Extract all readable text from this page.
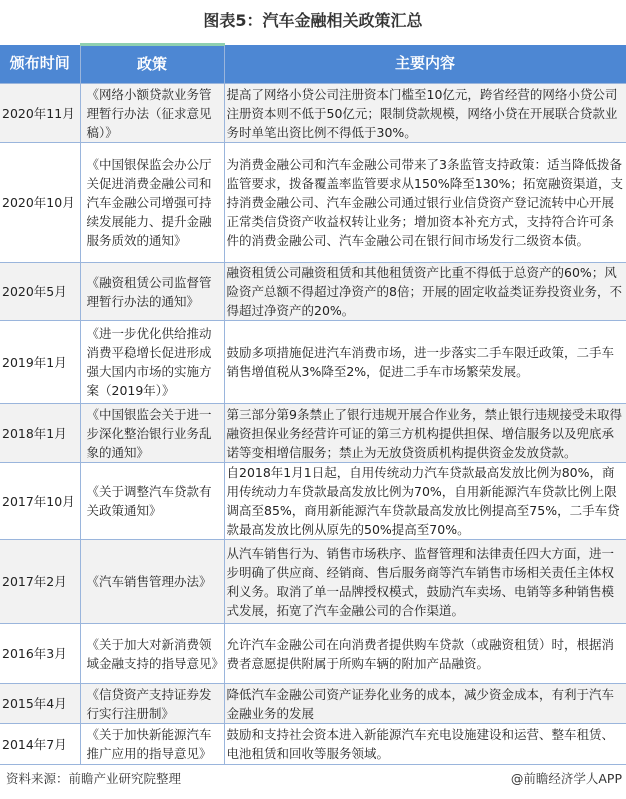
图表5：汽车金融相关政策汇总
颁布时间	政策	主要内容
2020年11月	《网络小额贷款业务管理暂行办法（征求意见稿）》	提高了网络小贷公司注册资本门槛至10亿元，跨省经营的网络小贷公司注册资本则不低于50亿元；限制贷款规模，网络小贷在开展联合贷款业务时单笔出资比例不得低于30%。
2020年10月	《中国银保监会办公厅关促进消费金融公司和汽车金融公司增强可持续发展能力、提升金融服务质效的通知》	为消费金融公司和汽车金融公司带来了3条监管支持政策：适当降低拨备监管要求，拨备覆盖率监管要求从150%降至130%；拓宽融资渠道，支持消费金融公司、汽车金融公司通过银行业信贷资产登记流转中心开展正常类信贷资产收益权转让业务；增加资本补充方式，支持符合许可条件的消费金融公司、汽车金融公司在银行间市场发行二级资本债。
2020年5月	《融资租赁公司监督管理暂行办法的通知》	融资租赁公司融资租赁和其他租赁资产比重不得低于总资产的60%；风险资产总额不得超过净资产的8倍；开展的固定收益类证券投资业务，不得超过净资产的20%。
2019年1月	《进一步优化供给推动消费平稳增长促进形成强大国内市场的实施方案（2019年）》	鼓励多项措施促进汽车消费市场，进一步落实二手车限迁政策，二手车销售增值税从3%降至2%，促进二手车市场繁荣发展。
2018年1月	《中国银监会关于进一步深化整治银行业务乱象的通知》	第三部分第9条禁止了银行违规开展合作业务，禁止银行违规接受未取得融资担保业务经营许可证的第三方机构提供担保、增信服务以及兜底承诺等变相增信服务；禁止为无放贷资质机构提供资金发放贷款。
2017年10月	《关于调整汽车贷款有关政策通知》	自2018年1月1日起，自用传统动力汽车贷款最高发放比例为80%，商用传统动力车贷款最高发放比例为70%，自用新能源汽车贷款比例上限调高至85%，商用新能源汽车贷款最高发放比例提高至75%，二手车贷款最高发放比例从原先的50%提高至70%。
2017年2月	《汽车销售管理办法》	从汽车销售行为、销售市场秩序、监督管理和法律责任四大方面，进一步明确了供应商、经销商、售后服务商等汽车销售市场相关责任主体权利义务。取消了单一品牌授权模式，鼓励汽车卖场、电销等多种销售模式发展，拓宽了汽车金融公司的合作渠道。
2016年3月	《关于加大对新消费领域金融支持的指导意见》	允许汽车金融公司在向消费者提供购车贷款（或融资租赁）时，根据消费者意愿提供附属于所购车辆的附加产品融资。
2015年4月	《信贷资产支持证券发行实行注册制》	降低汽车金融公司资产证券化业务的成本，减少资金成本，有利于汽车金融业务的发展
2014年7月	《关于加快新能源汽车推广应用的指导意见》	鼓励和支持社会资本进入新能源汽车充电设施建设和运营、整车租赁、电池租赁和回收等服务领域。
资料来源：前瞻产业研究院整理	@前瞻经济学人APP
